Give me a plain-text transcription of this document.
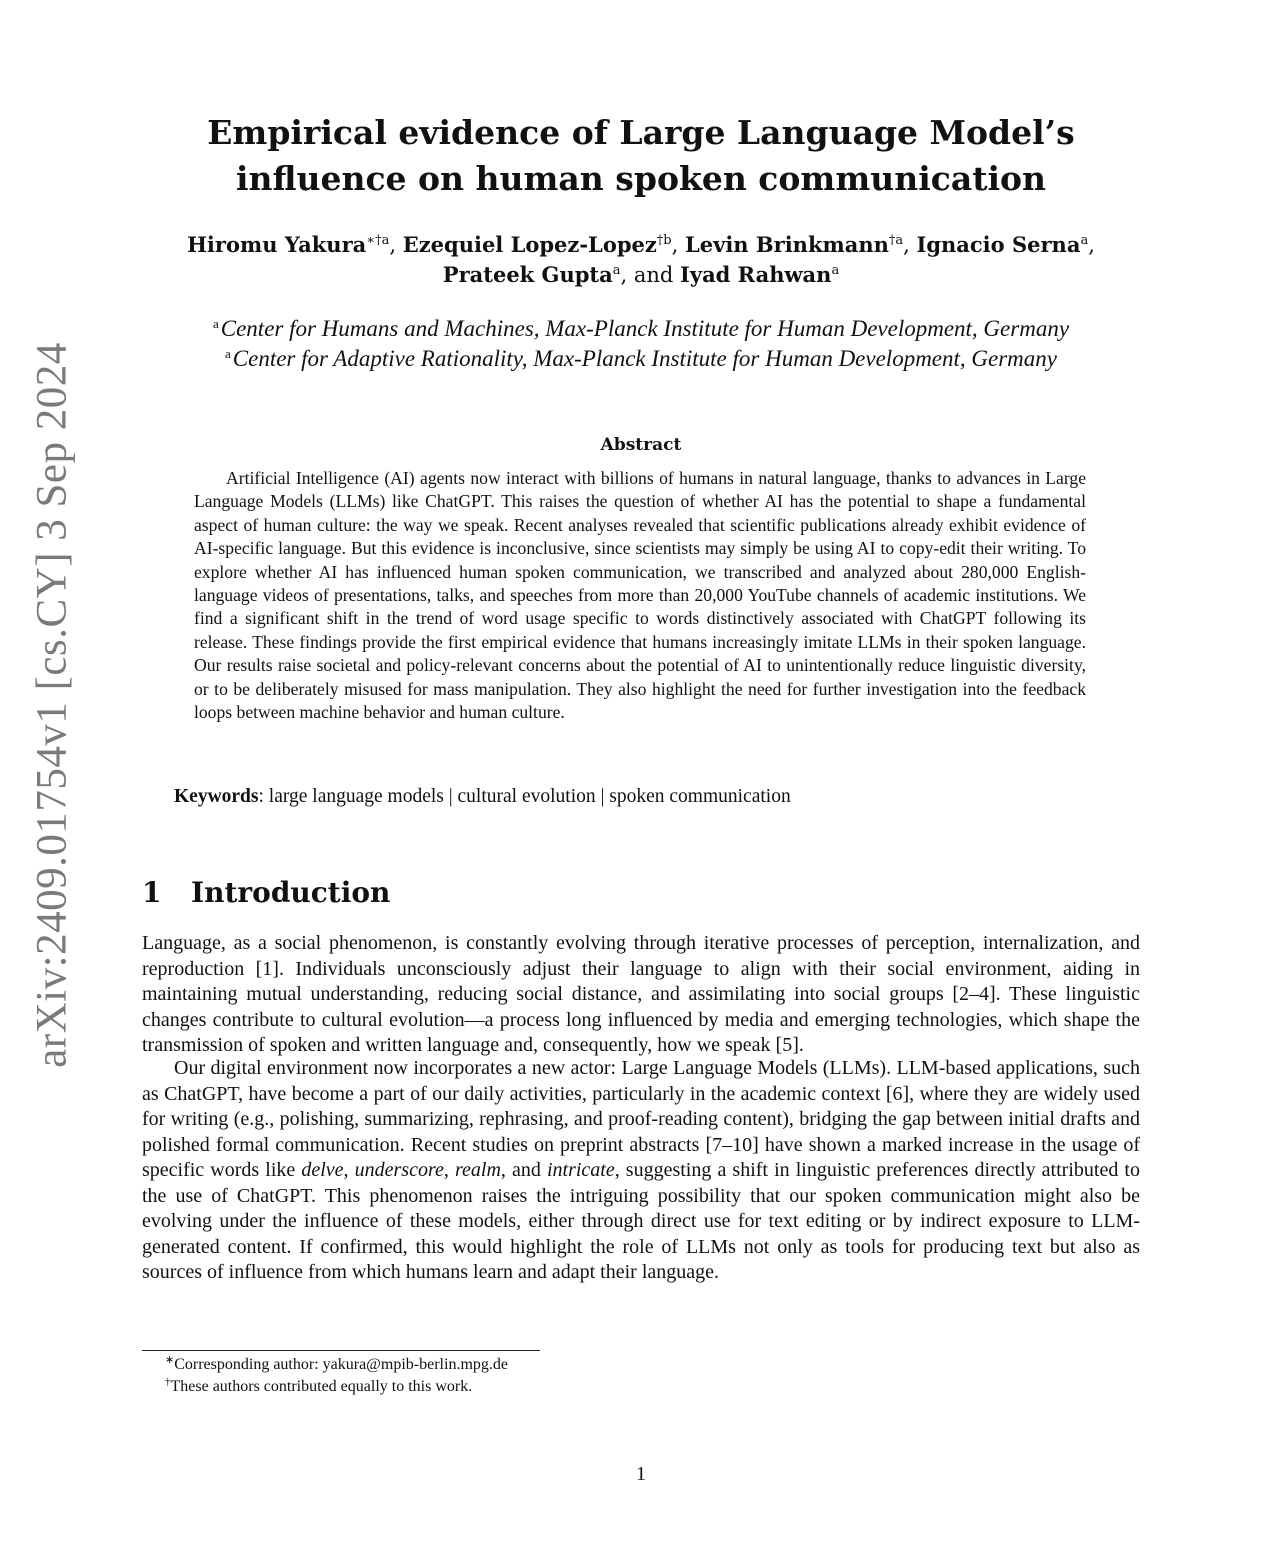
arXiv:2409.01754v1 [cs.CY] 3 Sep 2024
Empirical evidence of Large Language Model’s influence on human spoken communication
Hiromu Yakura$^{∗\dagger a}$, Ezequiel Lopez-Lopez$^{\dagger b}$, Levin Brinkmann$^{\dagger a}$, Ignacio Serna$^a$,
Prateek Gupta$^a$, and Iyad Rahwan$^a$
$^a$Center for Humans and Machines, Max-Planck Institute for Human Development, Germany
$^a$Center for Adaptive Rationality, Max-Planck Institute for Human Development, Germany
Abstract

Artificial Intelligence (AI) agents now interact with billions of humans in natural language, thanks to advances in Large Language Models (LLMs) like ChatGPT. This raises the question of whether AI has the potential to shape a fundamental aspect of human culture: the way we speak. Recent analyses revealed that scientific publications already exhibit evidence of AI-specific language. But this evidence is inconclusive, since scientists may simply be using AI to copy-edit their writing. To explore whether AI has influenced human spoken communication, we transcribed and analyzed about 280,000 English-language videos of presentations, talks, and speeches from more than 20,000 YouTube channels of academic institutions. We find a significant shift in the trend of word usage specific to words distinctively associated with ChatGPT following its release. These findings provide the first empirical evidence that humans increasingly imitate LLMs in their spoken language. Our results raise societal and policy-relevant concerns about the potential of AI to unintentionally reduce linguistic diversity, or to be deliberately misused for mass manipulation. They also highlight the need for further investigation into the feedback loops between machine behavior and human culture.

Keywords: large language models | cultural evolution | spoken communication
1 Introduction

Language, as a social phenomenon, is constantly evolving through iterative processes of perception, internalization, and reproduction [1]. Individuals unconsciously adjust their language to align with their social environment, aiding in maintaining mutual understanding, reducing social distance, and assimilating into social groups [2–4]. These linguistic changes contribute to cultural evolution—a process long influenced by media and emerging technologies, which shape the transmission of spoken and written language and, consequently, how we speak [5].

Our digital environment now incorporates a new actor: Large Language Models (LLMs). LLM-based applications, such as ChatGPT, have become a part of our daily activities, particularly in the academic context [6], where they are widely used for writing (e.g., polishing, summarizing, rephrasing, and proof-reading content), bridging the gap between initial drafts and polished formal communication. Recent studies on preprint abstracts [7–10] have shown a marked increase in the usage of specific words like delve, underscore, realm, and intricate, suggesting a shift in linguistic preferences directly attributed to the use of ChatGPT. This phenomenon raises the intriguing possibility that our spoken communication might also be evolving under the influence of these models, either through direct use for text editing or by indirect exposure to LLM-generated content. If confirmed, this would highlight the role of LLMs not only as tools for producing text but also as sources of influence from which humans learn and adapt their language.

∗Corresponding author: yakura@mpib-berlin.mpg.de
†These authors contributed equally to this work.
1
